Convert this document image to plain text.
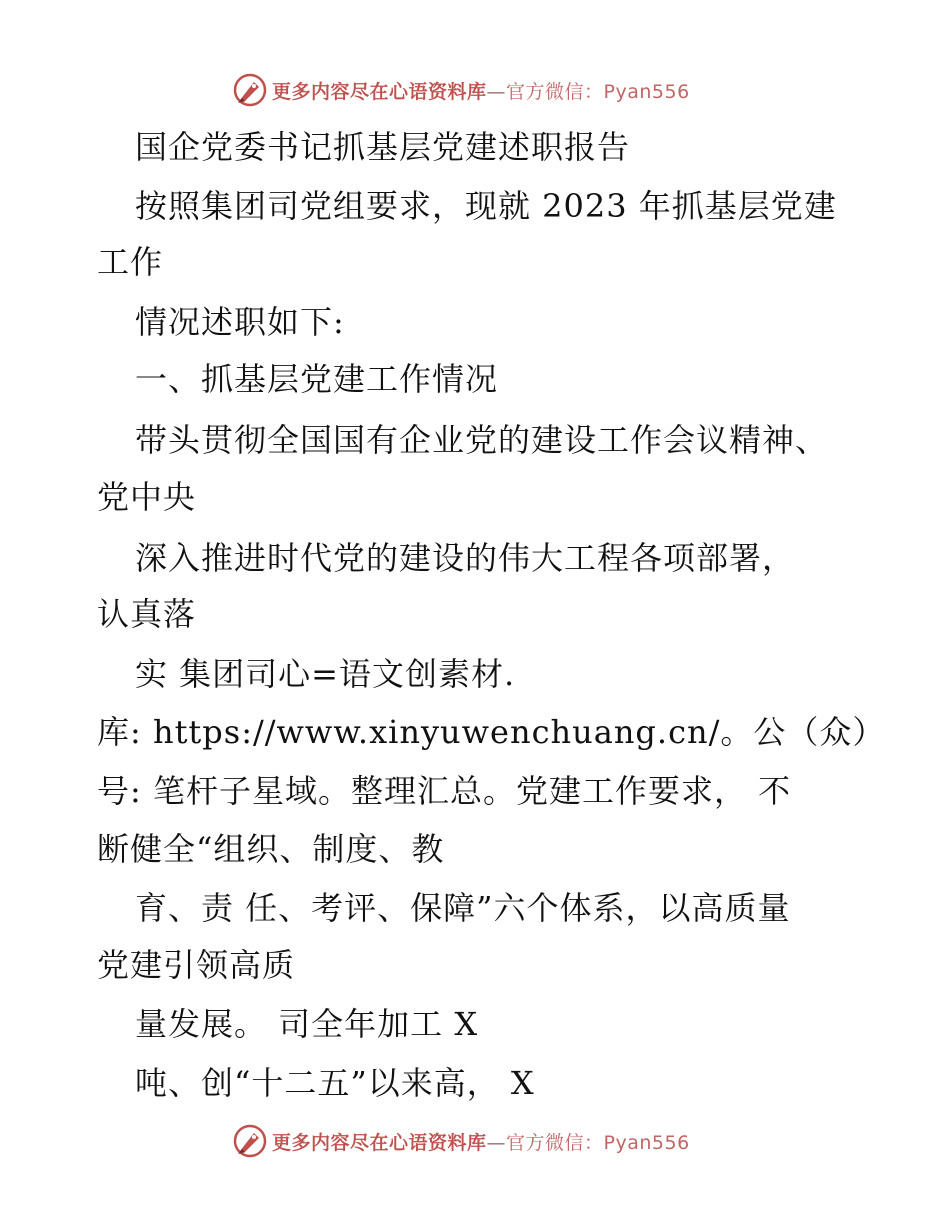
更多内容尽在心语资料库—官方微信：Pyan556
国企党委书记抓基层党建述职报告
按照集团司党组要求，现就 2023 年抓基层党建
工作
情况述职如下:
一、抓基层党建工作情况
带头贯彻全国国有企业党的建设工作会议精神、
党中央
深入推进时代党的建设的伟大工程各项部署，
认真落
实 集团司心=语文创素材.
库: https://www.xinyuwenchuang.cn/。公（众）
号: 笔杆子星域。整理汇总。党建工作要求， 不
断健全“组织、制度、教
育、责 任、考评、保障”六个体系，以高质量
党建引领高质
量发展。 司全年加工 X
吨、创“十二五”以来高， X
更多内容尽在心语资料库—官方微信：Pyan556
